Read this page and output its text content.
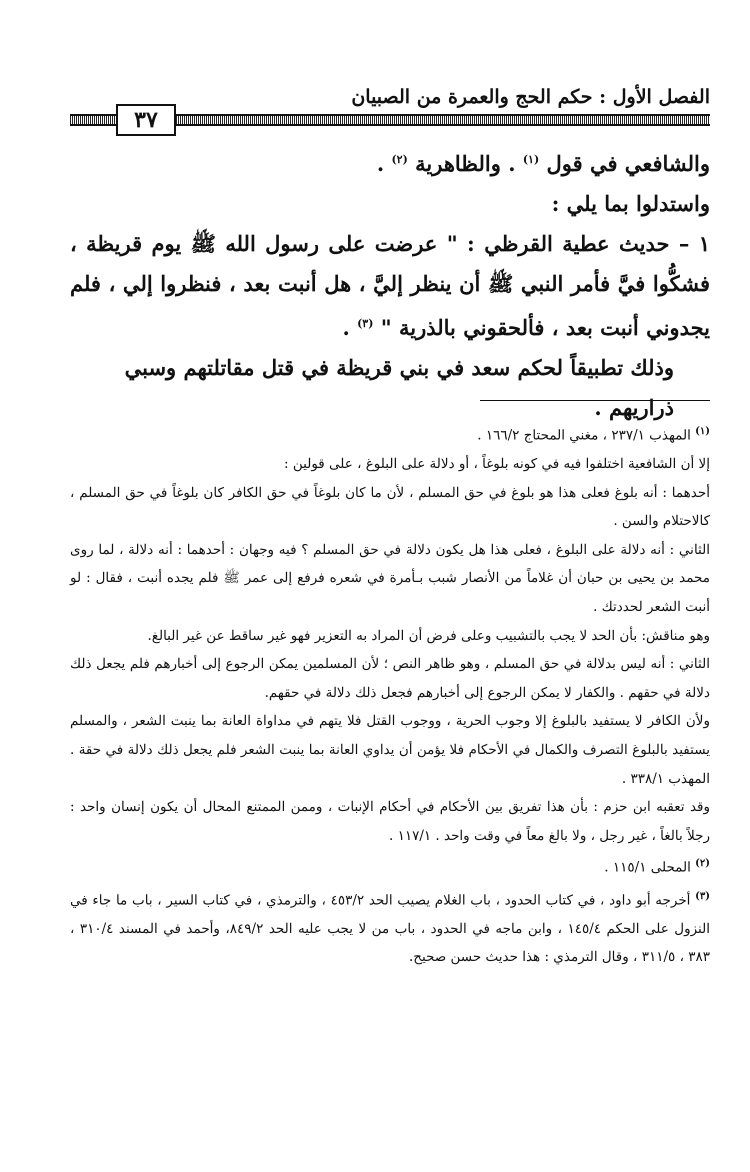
الفصل الأول : حكم الحج والعمرة من الصبيان
٣٧

والشافعي في قول $^{(١)}$ . والظاهرية $^{(٢)}$ .

واستدلوا بما يلي :

١ – حديث عطية القرظي : " عرضت على رسول الله ﷺ يوم قريظة ، فشكُّوا فيَّ فأمر النبي ﷺ أن ينظر إليَّ ، هل أنبت بعد ، فنظروا إلي ، فلم يجدوني أنبت بعد ، فألحقوني بالذرية " $^{(٣)}$ .

وذلك تطبيقاً لحكم سعد في بني قريظة في قتل مقاتلتهم وسبي ذراريهم .

$^{(١)}$ المهذب ٢٣٧/١ ، مغني المحتاج ١٦٦/٢ .

إلا أن الشافعية اختلفوا فيه في كونه بلوغاً ، أو دلالة على البلوغ ، على قولين :

أحدهما : أنه بلوغ فعلى هذا هو بلوغ في حق المسلم ، لأن ما كان بلوغاً في حق الكافر كان بلوغاً في حق المسلم ، كالاحتلام والسن .

الثاني : أنه دلالة على البلوغ ، فعلى هذا هل يكون دلالة في حق المسلم ؟ فيه وجهان : أحدهما : أنه دلالة ، لما روى محمد بن يحيى بن حبان أن غلاماً من الأنصار شبب بـأمرة في شعره فرفع إلى عمر ﷺ فلم يجده أنبت ، فقال : لو أنبت الشعر لحددتك .

وهو مناقش: بأن الحد لا يجب بالتشبيب وعلى فرض أن المراد به التعزير فهو غير ساقط عن غير البالغ.

الثاني : أنه ليس بدلالة في حق المسلم ، وهو ظاهر النص ؛ لأن المسلمين يمكن الرجوع إلى أخبارهم فلم يجعل ذلك دلالة في حقهم . والكفار لا يمكن الرجوع إلى أخبارهم فجعل ذلك دلالة في حقهم.

ولأن الكافر لا يستفيد بالبلوغ إلا وجوب الحرية ، ووجوب القتل فلا يتهم في مداواة العانة بما ينبت الشعر ، والمسلم يستفيد بالبلوغ التصرف والكمال في الأحكام فلا يؤمن أن يداوي العانة بما ينبت الشعر فلم يجعل ذلك دلالة في حقة . المهذب ٣٣٨/١ .

وقد تعقبه ابن حزم : بأن هذا تفريق بين الأحكام في أحكام الإنبات ، وممن الممتنع المحال أن يكون إنسان واحد : رجلاً بالغاً ، غير رجل ، ولا بالغ معاً في وقت واحد . ١١٧/١ .

$^{(٢)}$ المحلى ١١٥/١ .

$^{(٣)}$ أخرجه أبو داود ، في كتاب الحدود ، باب الغلام يصيب الحد ٤٥٣/٢ ، والترمذي ، في كتاب السير ، باب ما جاء في النزول على الحكم ١٤٥/٤ ، وابن ماجه في الحدود ، باب من لا يجب عليه الحد ٨٤٩/٢، وأحمد في المسند ٣١٠/٤ ، ٣٨٣ ، ٣١١/٥ ، وقال الترمذي : هذا حديث حسن صحيح.
